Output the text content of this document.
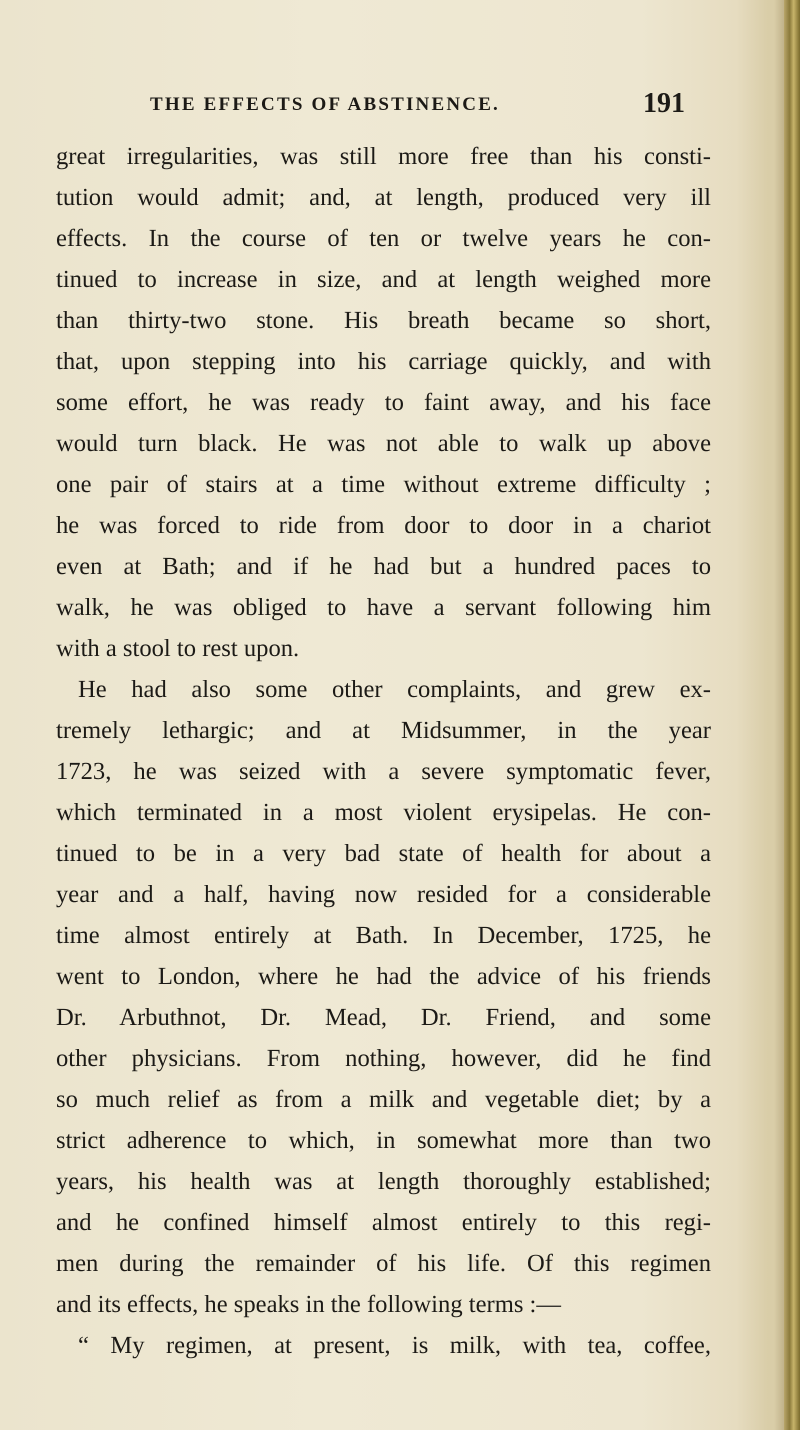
THE EFFECTS OF ABSTINENCE.	191
great irregularities, was still more free than his consti-
tution would admit; and, at length, produced very ill
effects. In the course of ten or twelve years he con-
tinued to increase in size, and at length weighed more
than thirty-two stone. His breath became so short,
that, upon stepping into his carriage quickly, and with
some effort, he was ready to faint away, and his face
would turn black. He was not able to walk up above
one pair of stairs at a time without extreme difficulty ;
he was forced to ride from door to door in a chariot
even at Bath; and if he had but a hundred paces to
walk, he was obliged to have a servant following him
with a stool to rest upon.
He had also some other complaints, and grew ex-
tremely lethargic; and at Midsummer, in the year
1723, he was seized with a severe symptomatic fever,
which terminated in a most violent erysipelas. He con-
tinued to be in a very bad state of health for about a
year and a half, having now resided for a considerable
time almost entirely at Bath. In December, 1725, he
went to London, where he had the advice of his friends
Dr. Arbuthnot, Dr. Mead, Dr. Friend, and some
other physicians. From nothing, however, did he find
so much relief as from a milk and vegetable diet; by a
strict adherence to which, in somewhat more than two
years, his health was at length thoroughly established;
and he confined himself almost entirely to this regi-
men during the remainder of his life. Of this regimen
and its effects, he speaks in the following terms :—
“ My regimen, at present, is milk, with tea, coffee,
